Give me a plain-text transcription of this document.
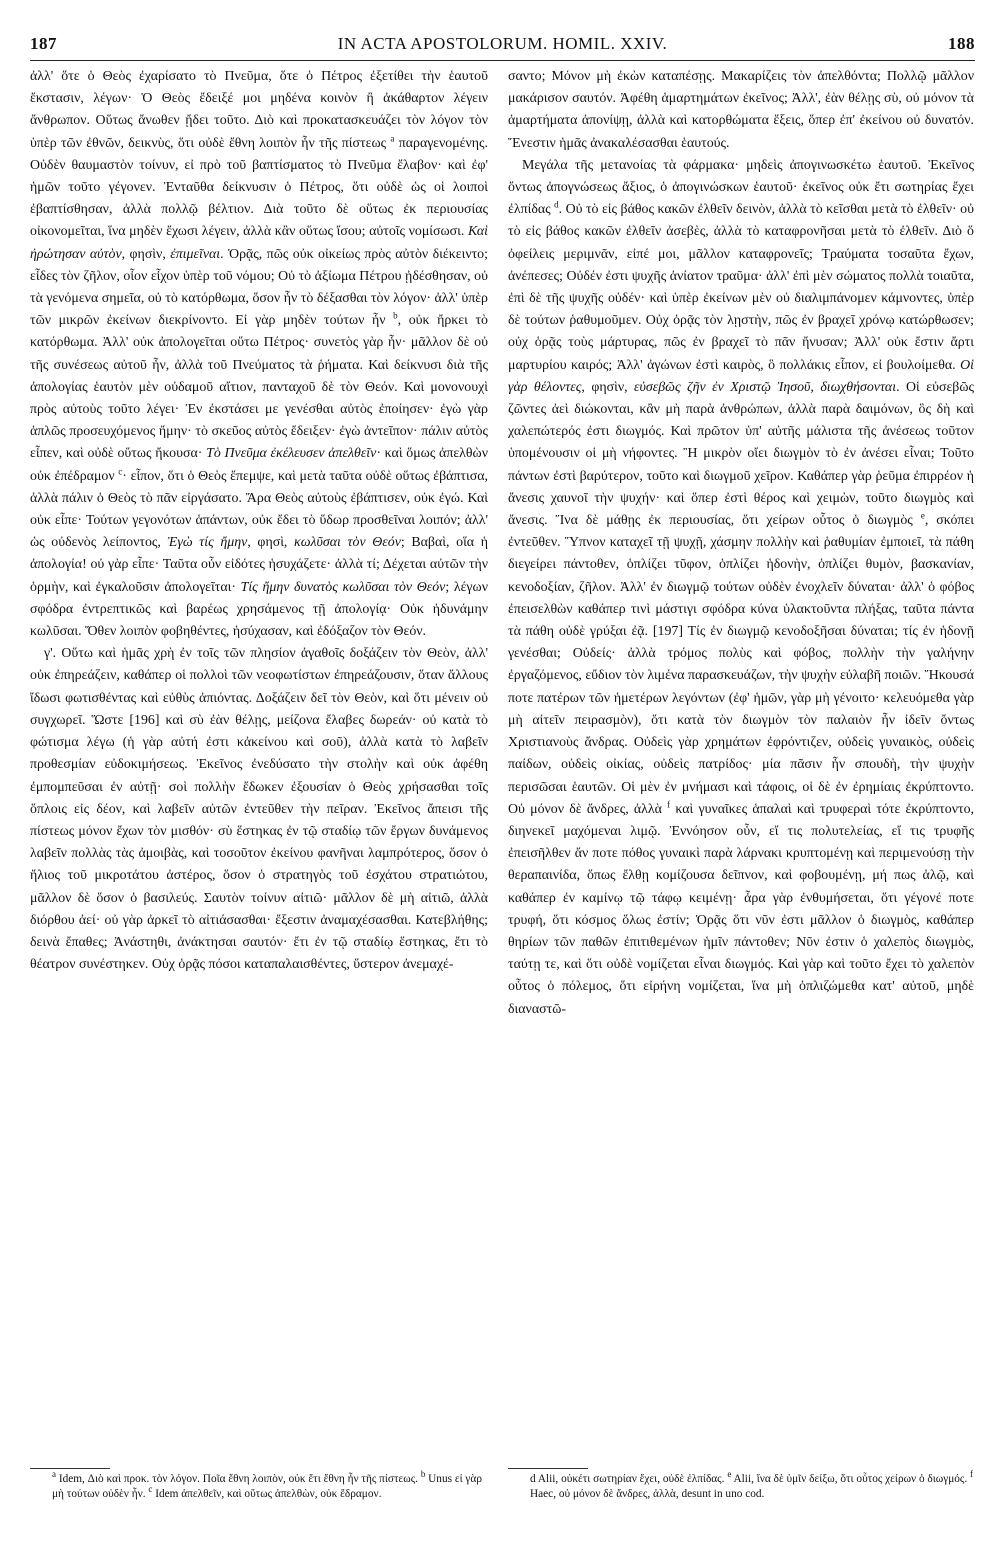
187	IN ACTA APOSTOLORUM. HOMIL. XXIV.	188

ἀλλ' ὅτε ὁ Θεὸς ἐχαρίσατο τὸ Πνεῦμα, ὅτε ὁ Πέτρος ἐξετίθει τὴν ἑαυτοῦ ἔκστασιν, λέγων· Ὁ Θεὸς ἔδειξέ μοι μηδένα κοινὸν ἢ ἀκάθαρτον λέγειν ἄνθρωπον. Οὕτως ἄνωθεν ᾔδει τοῦτο. Διὸ καὶ προκατασκευάζει τὸν λόγον τὸν ὑπὲρ τῶν ἐθνῶν, δεικνὺς, ὅτι οὐδὲ ἔθνη λοιπὸν ἦν τῆς πίστεως $^a$ παραγενομένης. Οὐδὲν θαυμαστὸν τοίνυν, εἰ πρὸ τοῦ βαπτίσματος τὸ Πνεῦμα ἔλαβον· καὶ ἐφ' ἡμῶν τοῦτο γέγονεν. Ἐνταῦθα δείκνυσιν ὁ Πέτρος, ὅτι οὐδὲ ὡς οἱ λοιποὶ ἐβαπτίσθησαν, ἀλλὰ πολλῷ βέλτιον. Διὰ τοῦτο δὲ οὕτως ἐκ περιουσίας οἰκονομεῖται, ἵνα μηδὲν ἔχωσι λέγειν, ἀλλὰ κἂν οὕτως ἴσου; αὐτοῖς νομίσωσι. Καὶ ἠρώτησαν αὐτὸν, φησὶν, ἐπιμεῖναι. Ὁρᾷς, πῶς οὐκ οἰκείως πρὸς αὐτὸν διέκειντο; εἶδες τὸν ζῆλον, οἷον εἶχον ὑπὲρ τοῦ νόμου; Οὐ τὸ ἀξίωμα Πέτρου ᾐδέσθησαν, οὐ τὰ γενόμενα σημεῖα, οὐ τὸ κατόρθωμα, ὅσον ἦν τὸ δέξασθαι τὸν λόγον· ἀλλ' ὑπὲρ τῶν μικρῶν ἐκείνων διεκρίνοντο. Εἰ γὰρ μηδὲν τούτων ἦν $^b$, οὐκ ἤρκει τὸ κατόρθωμα. Ἀλλ' οὐκ ἀπολογεῖται οὕτω Πέτρος· συνετὸς γὰρ ἦν· μᾶλλον δὲ οὐ τῆς συνέσεως αὐτοῦ ἦν, ἀλλὰ τοῦ Πνεύματος τὰ ῥήματα. Καὶ δείκνυσι διὰ τῆς ἀπολογίας ἑαυτὸν μὲν οὐδαμοῦ αἴτιον, πανταχοῦ δὲ τὸν Θεόν. Καὶ μονονουχὶ πρὸς αὐτοὺς τοῦτο λέγει· Ἐν ἐκστάσει με γενέσθαι αὐτὸς ἐποίησεν· ἐγὼ γὰρ ἁπλῶς προσευχόμενος ἤμην· τὸ σκεῦος αὐτὸς ἔδειξεν· ἐγὼ ἀντεῖπον· πάλιν αὐτὸς εἶπεν, καὶ οὐδὲ οὕτως ἤκουσα· Τὸ Πνεῦμα ἐκέλευσεν ἀπελθεῖν· καὶ ὅμως ἀπελθὼν οὐκ ἐπέδραμον $^c$· εἶπον, ὅτι ὁ Θεὸς ἔπεμψε, καὶ μετὰ ταῦτα οὐδὲ οὕτως ἐβάπτισα, ἀλλὰ πάλιν ὁ Θεὸς τὸ πᾶν εἰργάσατο. Ἄρα Θεὸς αὐτοὺς ἐβάπτισεν, οὐκ ἐγώ. Καὶ οὐκ εἶπε· Τούτων γεγονότων ἁπάντων, οὐκ ἔδει τὸ ὕδωρ προσθεῖναι λοιπόν; ἀλλ' ὡς οὐδενὸς λείποντος, Ἐγὼ τίς ἤμην, φησὶ, κωλῦσαι τὸν Θεόν; Βαβαὶ, οἵα ἡ ἀπολογία! οὐ γὰρ εἶπε· Ταῦτα οὖν εἰδότες ἡσυχάζετε· ἀλλὰ τί; Δέχεται αὐτῶν τὴν ὁρμὴν, καὶ ἐγκαλοῦσιν ἀπολογεῖται· Τίς ἤμην δυνατὸς κωλῦσαι τὸν Θεόν; λέγων σφόδρα ἐντρεπτικῶς καὶ βαρέως χρησάμενος τῇ ἀπολογίᾳ· Οὐκ ἠδυνάμην κωλῦσαι. Ὅθεν λοιπὸν φοβηθέντες, ἡσύχασαν, καὶ ἐδόξαζον τὸν Θεόν.

γ'. Οὕτω καὶ ἡμᾶς χρὴ ἐν τοῖς τῶν πλησίον ἀγαθοῖς δοξάζειν τὸν Θεὸν, ἀλλ' οὐκ ἐπηρεάζειν, καθάπερ οἱ πολλοὶ τῶν νεοφωτίστων ἐπηρεάζουσιν, ὅταν ἄλλους ἴδωσι φωτισθέντας καὶ εὐθὺς ἀπιόντας. Δοξάζειν δεῖ τὸν Θεὸν, καὶ ὅτι μένειν οὐ συγχωρεῖ. Ὥστε [196] καὶ σὺ ἐὰν θέλῃς, μείζονα ἔλαβες δωρεάν· οὐ κατὰ τὸ φώτισμα λέγω (ἡ γὰρ αὐτή ἐστι κἀκείνου καὶ σοῦ), ἀλλὰ κατὰ τὸ λαβεῖν προθεσμίαν εὐδοκιμήσεως. Ἐκεῖνος ἐνεδύσατο τὴν στολὴν καὶ οὐκ ἀφέθη ἐμπομπεῦσαι ἐν αὐτῇ· σοὶ πολλὴν ἔδωκεν ἐξουσίαν ὁ Θεὸς χρήσασθαι τοῖς ὅπλοις εἰς δέον, καὶ λαβεῖν αὐτῶν ἐντεῦθεν τὴν πεῖραν. Ἐκεῖνος ἄπεισι τῆς πίστεως μόνον ἔχων τὸν μισθόν· σὺ ἕστηκας ἐν τῷ σταδίῳ τῶν ἔργων δυνάμενος λαβεῖν πολλὰς τὰς ἀμοιβὰς, καὶ τοσοῦτον ἐκείνου φανῆναι λαμπρότερος, ὅσον ὁ ἥλιος τοῦ μικροτάτου ἀστέρος, ὅσον ὁ στρατηγὸς τοῦ ἐσχάτου στρατιώτου, μᾶλλον δὲ ὅσον ὁ βασιλεύς. Σαυτὸν τοίνυν αἰτιῶ· μᾶλλον δὲ μὴ αἰτιῶ, ἀλλὰ διόρθου ἀεί· οὐ γὰρ ἀρκεῖ τὸ αἰτιάσασθαι· ἔξεστιν ἀναμαχέσασθαι. Κατεβλήθης; δεινὰ ἔπαθες; Ἀνάστηθι, ἀνάκτησαι σαυτόν· ἔτι ἐν τῷ σταδίῳ ἕστηκας, ἔτι τὸ θέατρον συνέστηκεν. Οὐχ ὁρᾷς πόσοι καταπαλαισθέντες, ὕστερον ἀνεμαχέ-

σαντο; Μόνον μὴ ἐκὼν καταπέσῃς. Μακαρίζεις τὸν ἀπελθόντα; Πολλῷ μᾶλλον μακάρισον σαυτόν. Ἀφέθη ἁμαρτημάτων ἐκεῖνος; Ἀλλ', ἐὰν θέλῃς σὺ, οὐ μόνον τὰ ἁμαρτήματα ἀπονίψῃ, ἀλλὰ καὶ κατορθώματα ἕξεις, ὅπερ ἐπ' ἐκείνου οὐ δυνατόν. Ἔνεστιν ἡμᾶς ἀνακαλέσασθαι ἑαυτούς.

Μεγάλα τῆς μετανοίας τὰ φάρμακα· μηδεὶς ἀπογινωσκέτω ἑαυτοῦ. Ἐκεῖνος ὄντως ἀπογνώσεως ἄξιος, ὁ ἀπογινώσκων ἑαυτοῦ· ἐκεῖνος οὐκ ἔτι σωτηρίας ἔχει ἐλπίδας $^d$. Οὐ τὸ εἰς βάθος κακῶν ἐλθεῖν δεινὸν, ἀλλὰ τὸ κεῖσθαι μετὰ τὸ ἐλθεῖν· οὐ τὸ εἰς βάθος κακῶν ἐλθεῖν ἀσεβὲς, ἀλλὰ τὸ καταφρονῆσαι μετὰ τὸ ἐλθεῖν. Διὸ ὅ ὀφείλεις μεριμνᾶν, εἰπέ μοι, μᾶλλον καταφρονεῖς; Τραύματα τοσαῦτα ἔχων, ἀνέπεσες; Οὐδέν ἐστι ψυχῆς ἀνίατον τραῦμα· ἀλλ' ἐπὶ μὲν σώματος πολλὰ τοιαῦτα, ἐπὶ δὲ τῆς ψυχῆς οὐδέν· καὶ ὑπὲρ ἐκείνων μὲν οὐ διαλιμπάνομεν κάμνοντες, ὑπὲρ δὲ τούτων ῥαθυμοῦμεν. Οὐχ ὁρᾷς τὸν λῃστὴν, πῶς ἐν βραχεῖ χρόνῳ κατώρθωσεν; οὐχ ὁρᾷς τοὺς μάρτυρας, πῶς ἐν βραχεῖ τὸ πᾶν ἤνυσαν; Ἀλλ' οὐκ ἔστιν ἄρτι μαρτυρίου καιρός; Ἀλλ' ἀγώνων ἐστὶ καιρὸς, ὃ πολλάκις εἶπον, εἰ βουλοίμεθα. Οἱ γὰρ θέλοντες, φησὶν, εὐσεβῶς ζῆν ἐν Χριστῷ Ἰησοῦ, διωχθήσονται. Οἱ εὐσεβῶς ζῶντες ἀεὶ διώκονται, κἂν μὴ παρὰ ἀνθρώπων, ἀλλὰ παρὰ δαιμόνων, ὃς δὴ καὶ χαλεπώτερός ἐστι διωγμός. Καὶ πρῶτον ὑπ' αὐτῆς μάλιστα τῆς ἀνέσεως τοῦτον ὑπομένουσιν οἱ μὴ νήφοντες. Ἢ μικρὸν οἴει διωγμὸν τὸ ἐν ἀνέσει εἶναι; Τοῦτο πάντων ἐστὶ βαρύτερον, τοῦτο καὶ διωγμοῦ χεῖρον. Καθάπερ γὰρ ῥεῦμα ἐπιρρέον ἡ ἄνεσις χαυνοῖ τὴν ψυχήν· καὶ ὅπερ ἐστὶ θέρος καὶ χειμὼν, τοῦτο διωγμὸς καὶ ἄνεσις. Ἵνα δὲ μάθῃς ἐκ περιουσίας, ὅτι χείρων οὗτος ὁ διωγμὸς $^e$, σκόπει ἐντεῦθεν. Ὕπνον καταχεῖ τῇ ψυχῇ, χάσμην πολλὴν καὶ ῥαθυμίαν ἐμποιεῖ, τὰ πάθη διεγείρει πάντοθεν, ὁπλίζει τῦφον, ὁπλίζει ἡδονὴν, ὁπλίζει θυμὸν, βασκανίαν, κενοδοξίαν, ζῆλον. Ἀλλ' ἐν διωγμῷ τούτων οὐδὲν ἐνοχλεῖν δύναται· ἀλλ' ὁ φόβος ἐπεισελθὼν καθάπερ τινὶ μάστιγι σφόδρα κύνα ὑλακτοῦντα πλήξας, ταῦτα πάντα τὰ πάθη οὐδὲ γρύξαι ἐᾷ. [197] Τίς ἐν διωγμῷ κενοδοξῆσαι δύναται; τίς ἐν ἡδονῇ γενέσθαι; Οὐδείς· ἀλλὰ τρόμος πολὺς καὶ φόβος, πολλὴν τὴν γαλήνην ἐργαζόμενος, εὔδιον τὸν λιμένα παρασκευάζων, τὴν ψυχὴν εὐλαβῆ ποιῶν. Ἤκουσά ποτε πατέρων τῶν ἡμετέρων λεγόντων (ἐφ' ἡμῶν, γὰρ μὴ γένοιτο· κελευόμεθα γὰρ μὴ αἰτεῖν πειρασμὸν), ὅτι κατὰ τὸν διωγμὸν τὸν παλαιὸν ἦν ἰδεῖν ὄντως Χριστιανοὺς ἄνδρας. Οὐδεὶς γὰρ χρημάτων ἐφρόντιζεν, οὐδεὶς γυναικὸς, οὐδεὶς παίδων, οὐδεὶς οἰκίας, οὐδεὶς πατρίδος· μία πᾶσιν ἦν σπουδὴ, τὴν ψυχὴν περισῶσαι ἑαυτῶν. Οἱ μὲν ἐν μνήμασι καὶ τάφοις, οἱ δὲ ἐν ἐρημίαις ἐκρύπτοντο. Οὐ μόνον δὲ ἄνδρες, ἀλλὰ $^f$ καὶ γυναῖκες ἁπαλαὶ καὶ τρυφεραὶ τότε ἐκρύπτοντο, διηνεκεῖ μαχόμεναι λιμῷ. Ἐννόησον οὖν, εἴ τις πολυτελείας, εἴ τις τρυφῆς ἐπεισῆλθεν ἄν ποτε πόθος γυναικὶ παρὰ λάρνακι κρυπτομένῃ καὶ περιμενούσῃ τὴν θεραπαινίδα, ὅπως ἔλθῃ κομίζουσα δεῖπνον, καὶ φοβουμένῃ, μή πως ἁλῷ, καὶ καθάπερ ἐν καμίνῳ τῷ τάφῳ κειμένῃ· ἆρα γὰρ ἐνθυμήσεται, ὅτι γέγονέ ποτε τρυφή, ὅτι κόσμος ὅλως ἐστίν; Ὁρᾷς ὅτι νῦν ἐστι μᾶλλον ὁ διωγμὸς, καθάπερ θηρίων τῶν παθῶν ἐπιτιθεμένων ἡμῖν πάντοθεν; Νῦν ἐστιν ὁ χαλεπὸς διωγμὸς, ταύτῃ τε, καὶ ὅτι οὐδὲ νομίζεται εἶναι διωγμός. Καὶ γὰρ καὶ τοῦτο ἔχει τὸ χαλεπὸν οὗτος ὁ πόλεμος, ὅτι εἰρήνη νομίζεται, ἵνα μὴ ὁπλιζώμεθα κατ' αὐτοῦ, μηδὲ διαναστῶ-

$^a$ Idem, Διὸ καὶ προκ. τὸν λόγον. Ποῖα ἔθνη λοιπὸν, οὐκ ἔτι ἔθνη ἦν τῆς πίστεως. $^b$ Unus εἰ γὰρ μὴ τούτων οὐδὲν ἦν. $^c$ Idem ἀπελθεῖν, καὶ οὕτως ἀπελθὼν, οὐκ ἔδραμον.
d Alii, οὐκέτι σωτηρίαν ἔχει, οὐδὲ ἐλπίδας. $^e$ Alii, ἵνα δὲ ὑμῖν δείξω, ὅτι οὗτος χείρων ὁ διωγμός. $^f$ Haec, οὐ μόνον δὲ ἄνδρες, ἀλλὰ, desunt in uno cod.
